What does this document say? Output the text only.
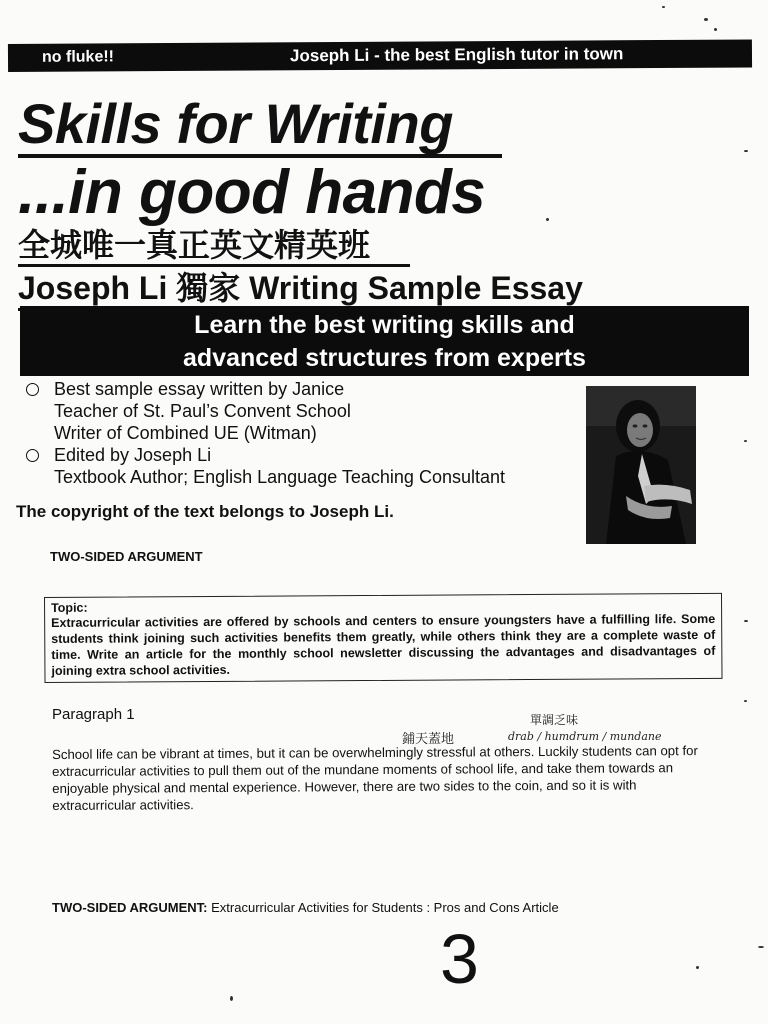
no fluke!!	Joseph Li - the best English tutor in town
Skills for Writing
...in good hands
全城唯一真正英文精英班
Joseph Li 獨家 Writing Sample Essay
Learn the best writing skills and
advanced structures from experts
Best sample essay written by Janice
Teacher of St. Paul’s Convent School
Writer of Combined UE (Witman)
Edited by Joseph Li
Textbook Author; English Language Teaching Consultant
The copyright of the text belongs to Joseph Li.
TWO-SIDED ARGUMENT
Topic:

Extracurricular activities are offered by schools and centers to ensure youngsters have a fulfilling life. Some students think joining such activities benefits them greatly, while others think they are a complete waste of time. Write an article for the monthly school newsletter discussing the advantages and disadvantages of joining extra school activities.

Paragraph 1
鋪天蓋地
單調乏味
drab / humdrum / mundane

School life can be vibrant at times, but it can be overwhelmingly stressful at others. Luckily students can opt for extracurricular activities to pull them out of the mundane moments of school life, and take them towards an enjoyable physical and mental experience. However, there are two sides to the coin, and so it is with extracurricular activities.

TWO-SIDED ARGUMENT: Extracurricular Activities for Students : Pros and Cons Article
3
